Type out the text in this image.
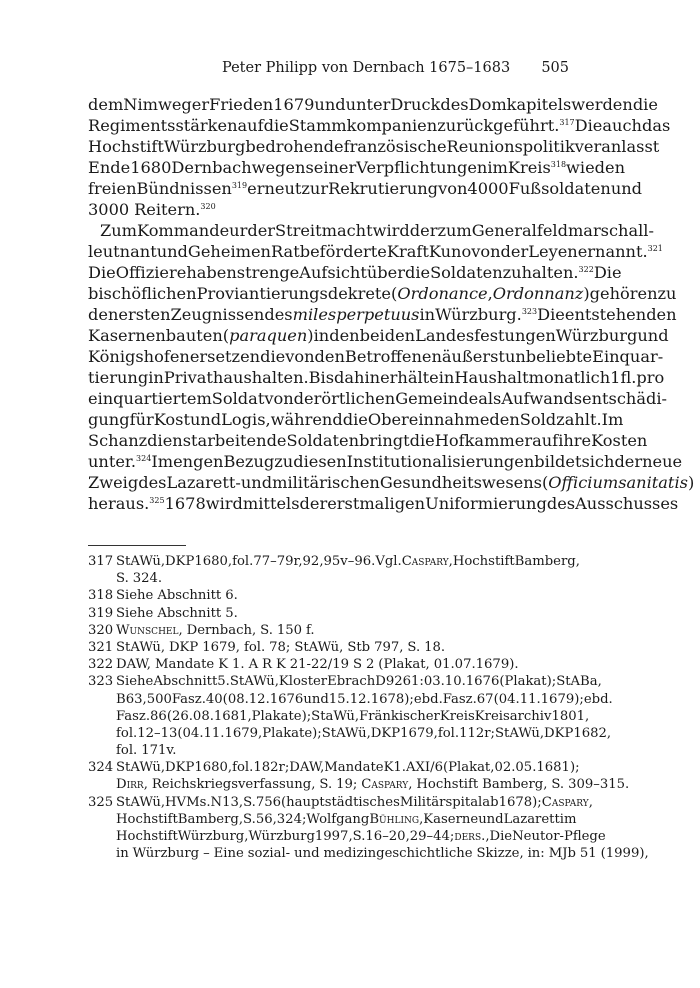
Peter Philipp von Dernbach 1675–1683 505
dem Nimweger Frieden 1679 und unter Druck des Domkapitels werden die
Regimentsstärken auf die Stammkompanien zurückgeführt.$^{317}$ Die auch das
Hochstift Würzburg bedrohende französische Reunionspolitik veranlasst
Ende 1680 Dernbach wegen seiner Verpflichtungen im Kreis$^{318}$ wie den
freien Bündnissen$^{319}$ erneut zur Rekrutierung von 4000 Fußsoldaten und
3000 Reitern.$^{320}$
Zum Kommandeur der Streitmacht wird der zum Generalfeldmarschall-
leutnant und Geheimen Rat beförderte Kraft Kuno von der Leyen ernannt.$^{321}$
Die Offiziere haben strenge Aufsicht über die Soldaten zu halten.$^{322}$ Die
bischöflichen Proviantierungsdekrete (Ordonance, Ordonnanz) gehören zu
den ersten Zeugnissen des miles perpetuus in Würzburg.$^{323}$ Die entstehenden
Kasernenbauten (paraquen) in den beiden Landesfestungen Würzburg und
Königshofen ersetzen die von den Betroffenen äußerst unbeliebte Einquar-
tierung in Privathaushalten. Bis dahin erhält ein Haushalt monatlich 1 fl. pro
einquartiertem Soldat von der örtlichen Gemeinde als Aufwandsentschädi-
gung für Kost und Logis, während die Obereinnahme den Sold zahlt. Im
Schanzdienst arbeitende Soldaten bringt die Hofkammer auf ihre Kosten
unter.$^{324}$ Im engen Bezug zu diesen Institutionalisierungen bildet sich der neue
Zweig des Lazarett- und militärischen Gesundheitswesens (Officium sanitatis)
heraus.$^{325}$ 1678 wird mittels der erstmaligen Uniformierung des Ausschusses
317 StAWü, DKP 1680, fol. 77–79r, 92, 95v–96. Vgl. Caspary, Hochstift Bamberg,
S. 324.
318 Siehe Abschnitt 6.
319 Siehe Abschnitt 5.
320 Wunschel, Dernbach, S. 150 f.
321 StAWü, DKP 1679, fol. 78; StAWü, Stb 797, S. 18.
322 DAW, Mandate K 1. A R K 21-22/19 S 2 (Plakat, 01.07.1679).
323 Siehe Abschnitt 5. StAWü, Kloster Ebrach D 9 261: 03.10.1676 (Plakat); StABa,
B 63, 500 Fasz. 40 (08.12.1676 und 15.12.1678); ebd. Fasz. 67 (04.11.1679); ebd.
Fasz. 86 (26.08.1681, Plakate); StaWü, Fränkischer Kreis Kreisarchiv 1801,
fol. 12–13 (04.11.1679, Plakate); StAWü, DKP 1679, fol. 112r; StAWü, DKP 1682,
fol. 171v.
324 StAWü, DKP 1680, fol. 182r; DAW, Mandate K 1. A XI/6 (Plakat, 02.05.1681);
Dirr, Reichskriegsverfassung, S. 19; Caspary, Hochstift Bamberg, S. 309–315.
325 StAWü, HV Ms. N 13, S. 756 (hauptstädtisches Militärspital ab 1678); Caspary,
Hochstift Bamberg, S. 56, 324; Wolfgang Bühling, Kaserne und Lazarett im
Hochstift Würzburg, Würzburg 1997, S. 16–20, 29–44; ders., Die Neutor-Pflege
in Würzburg – Eine sozial- und medizingeschichtliche Skizze, in: MJb 51 (1999),
